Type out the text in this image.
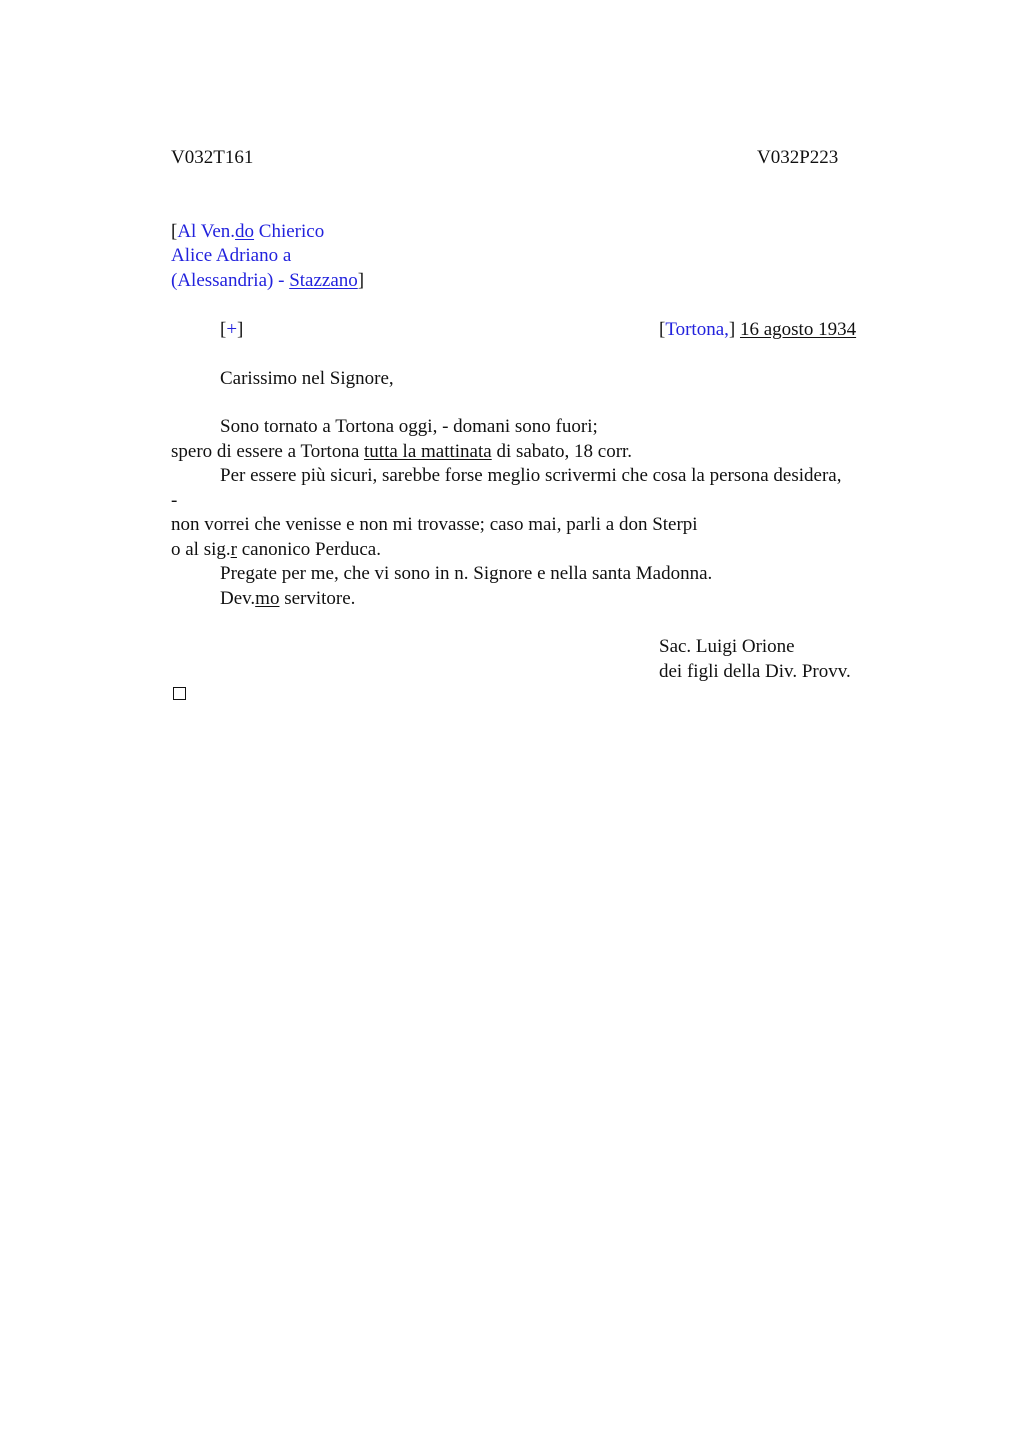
V032T161	V032P223
[Al Ven.do Chierico
Alice Adriano a
(Alessandria) - Stazzano]
[+]	[Tortona,] 16 agosto 1934
Carissimo nel Signore,
Sono tornato a Tortona oggi, - domani sono fuori;
spero di essere a Tortona tutta la mattinata di sabato, 18 corr.
Per essere più sicuri, sarebbe forse meglio scrivermi che cosa la persona desidera,
-
non vorrei che venisse e non mi trovasse; caso mai, parli a don Sterpi
o al sig.r canonico Perduca.
Pregate per me, che vi sono in n. Signore e nella santa Madonna.
Dev.mo servitore.
Sac. Luigi Orione
dei figli della Div. Provv.
